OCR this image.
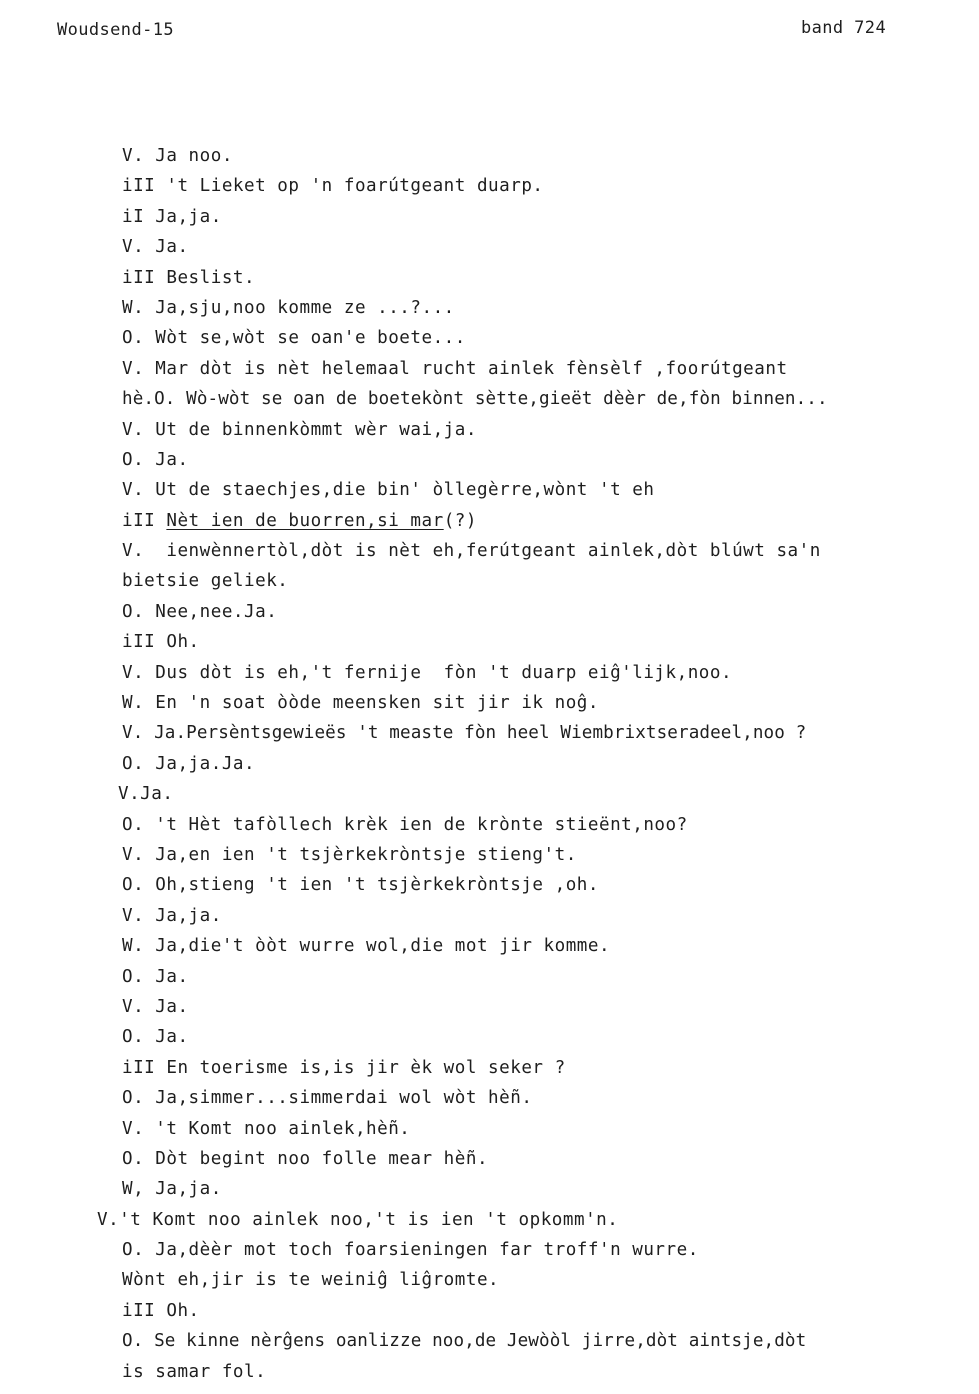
Woudsend-15	band 724
V. Ja noo.
iII 't Lieket op 'n foarútgeant duarp.
iI Ja,ja.
V. Ja.
iII Beslist.
W. Ja,sju,noo komme ze ...?...
O. Wòt se,wòt se oan'e boete...
V. Mar dòt is nèt helemaal rucht ainlek fènsèlf ,foorútgeant
hè.O. Wò-wòt se oan de boetekònt sètte,gieët dèèr de,fòn binnen...
V. Ut de binnenkòmmt wèr wai,ja.
O. Ja.
V. Ut de staechjes,die bin' òllegèrre,wònt 't eh
iII Nèt ien de buorren,si mar(?)
V.  ienwènnertòl,dòt is nèt eh,ferútgeant ainlek,dòt blúwt sa'n
bietsie geliek.
O. Nee,nee.Ja.
iII Oh.
V. Dus dòt is eh,'t fernije  fòn 't duarp eiĝ'lijk,noo.
W. En 'n soat òòde meensken sit jir ik noĝ.
V. Ja.Persèntsgewieës 't measte fòn heel Wiembrixtseradeel,noo ?
O. Ja,ja.Ja.
V.Ja.
O. 't Hèt tafòllech krèk ien de krònte stieënt,noo?
V. Ja,en ien 't tsjèrkekròntsje stieng't.
O. Oh,stieng 't ien 't tsjèrkekròntsje ,oh.
V. Ja,ja.
W. Ja,die't òòt wurre wol,die mot jir komme.
O. Ja.
V. Ja.
O. Ja.
iII En toerisme is,is jir èk wol seker ?
O. Ja,simmer...simmerdai wol wòt hèñ.
V. 't Komt noo ainlek,hèñ.
O. Dòt begint noo folle mear hèñ.
W, Ja,ja.
V.'t Komt noo ainlek noo,'t is ien 't opkomm'n.
O. Ja,dèèr mot toch foarsieningen far troff'n wurre.
Wònt eh,jir is te weiniĝ liĝromte.
iII Oh.
O. Se kinne nèrĝens oanlizze noo,de Jewòòl jirre,dòt aintsje,dòt
is samar fol.
